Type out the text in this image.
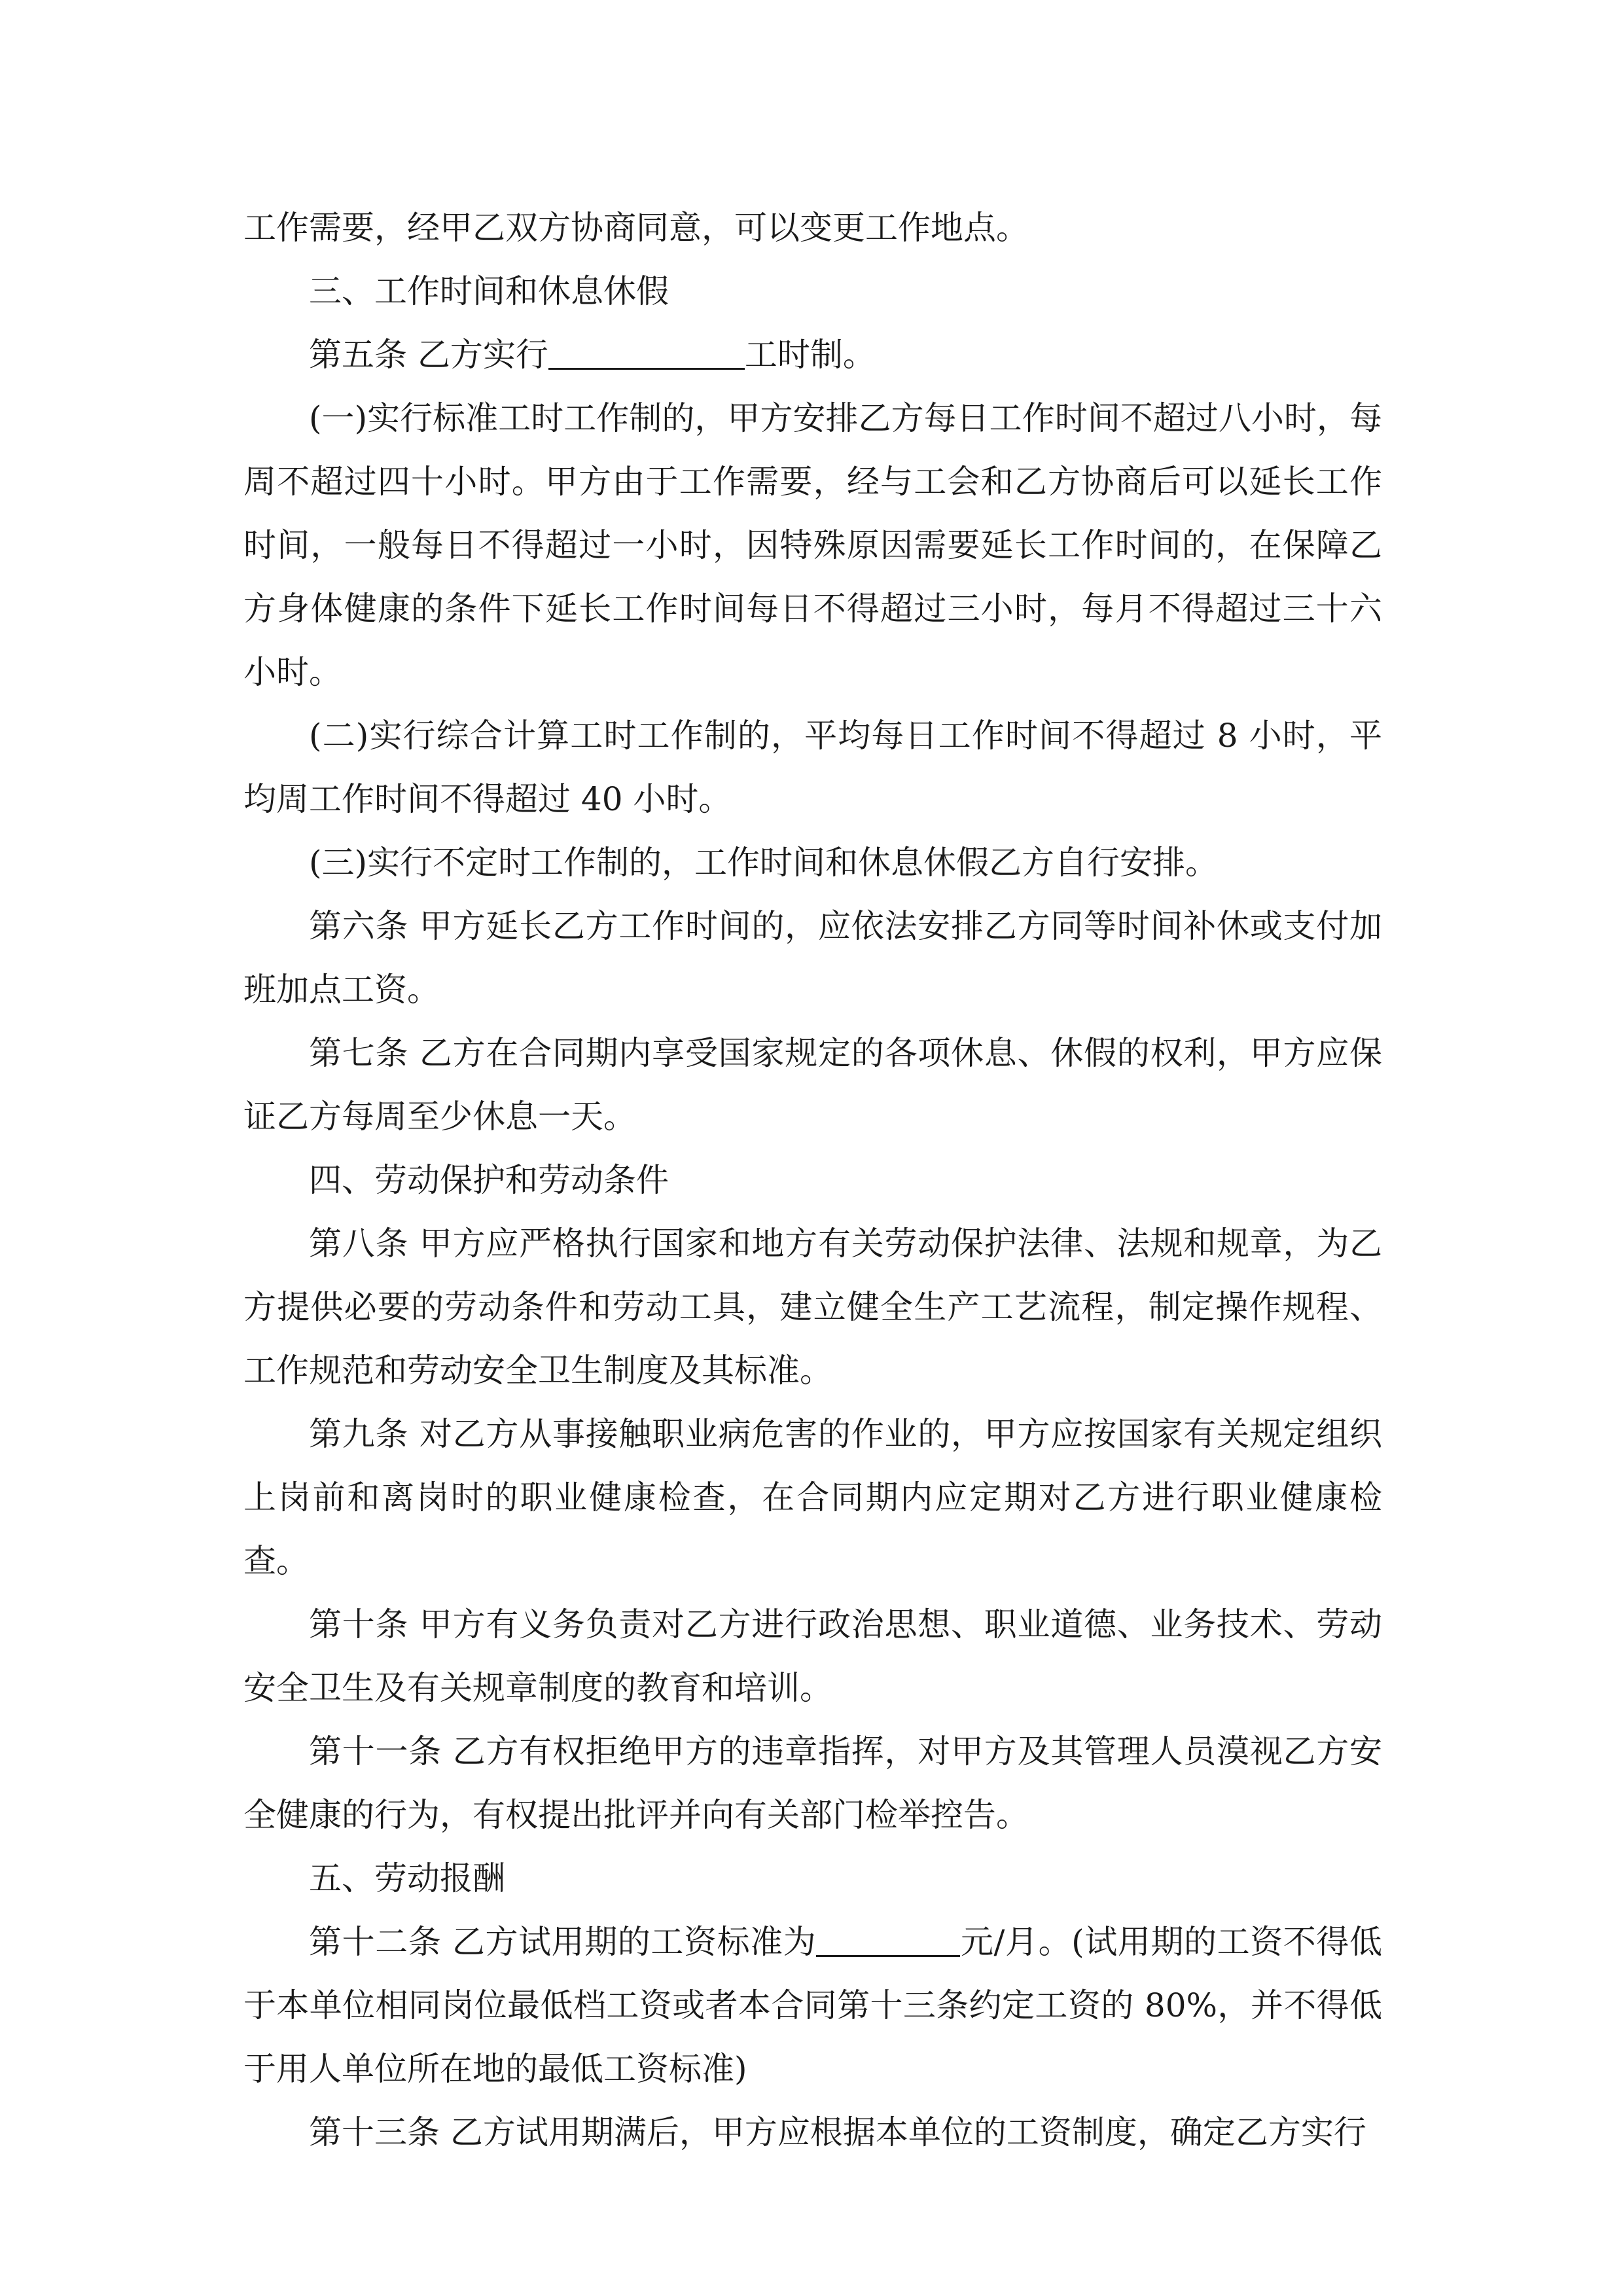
工作需要，经甲乙双方协商同意，可以变更工作地点。

三、工作时间和休息休假

第五条 乙方实行	工时制。

(一)实行标准工时工作制的，甲方安排乙方每日工作时间不超过八小时，每周不超过四十小时。甲方由于工作需要，经与工会和乙方协商后可以延长工作时间，一般每日不得超过一小时，因特殊原因需要延长工作时间的，在保障乙方身体健康的条件下延长工作时间每日不得超过三小时，每月不得超过三十六小时。

(二)实行综合计算工时工作制的，平均每日工作时间不得超过 8 小时，平均周工作时间不得超过 40 小时。

(三)实行不定时工作制的，工作时间和休息休假乙方自行安排。

第六条 甲方延长乙方工作时间的，应依法安排乙方同等时间补休或支付加班加点工资。

第七条 乙方在合同期内享受国家规定的各项休息、休假的权利，甲方应保证乙方每周至少休息一天。

四、劳动保护和劳动条件

第八条 甲方应严格执行国家和地方有关劳动保护法律、法规和规章，为乙方提供必要的劳动条件和劳动工具，建立健全生产工艺流程，制定操作规程、工作规范和劳动安全卫生制度及其标准。

第九条 对乙方从事接触职业病危害的作业的，甲方应按国家有关规定组织上岗前和离岗时的职业健康检查，在合同期内应定期对乙方进行职业健康检查。

第十条 甲方有义务负责对乙方进行政治思想、职业道德、业务技术、劳动安全卫生及有关规章制度的教育和培训。

第十一条 乙方有权拒绝甲方的违章指挥，对甲方及其管理人员漠视乙方安全健康的行为，有权提出批评并向有关部门检举控告。

五、劳动报酬

第十二条 乙方试用期的工资标准为	元/月。(试用期的工资不得低于本单位相同岗位最低档工资或者本合同第十三条约定工资的 80%，并不得低于用人单位所在地的最低工资标准)

第十三条 乙方试用期满后，甲方应根据本单位的工资制度，确定乙方实行
